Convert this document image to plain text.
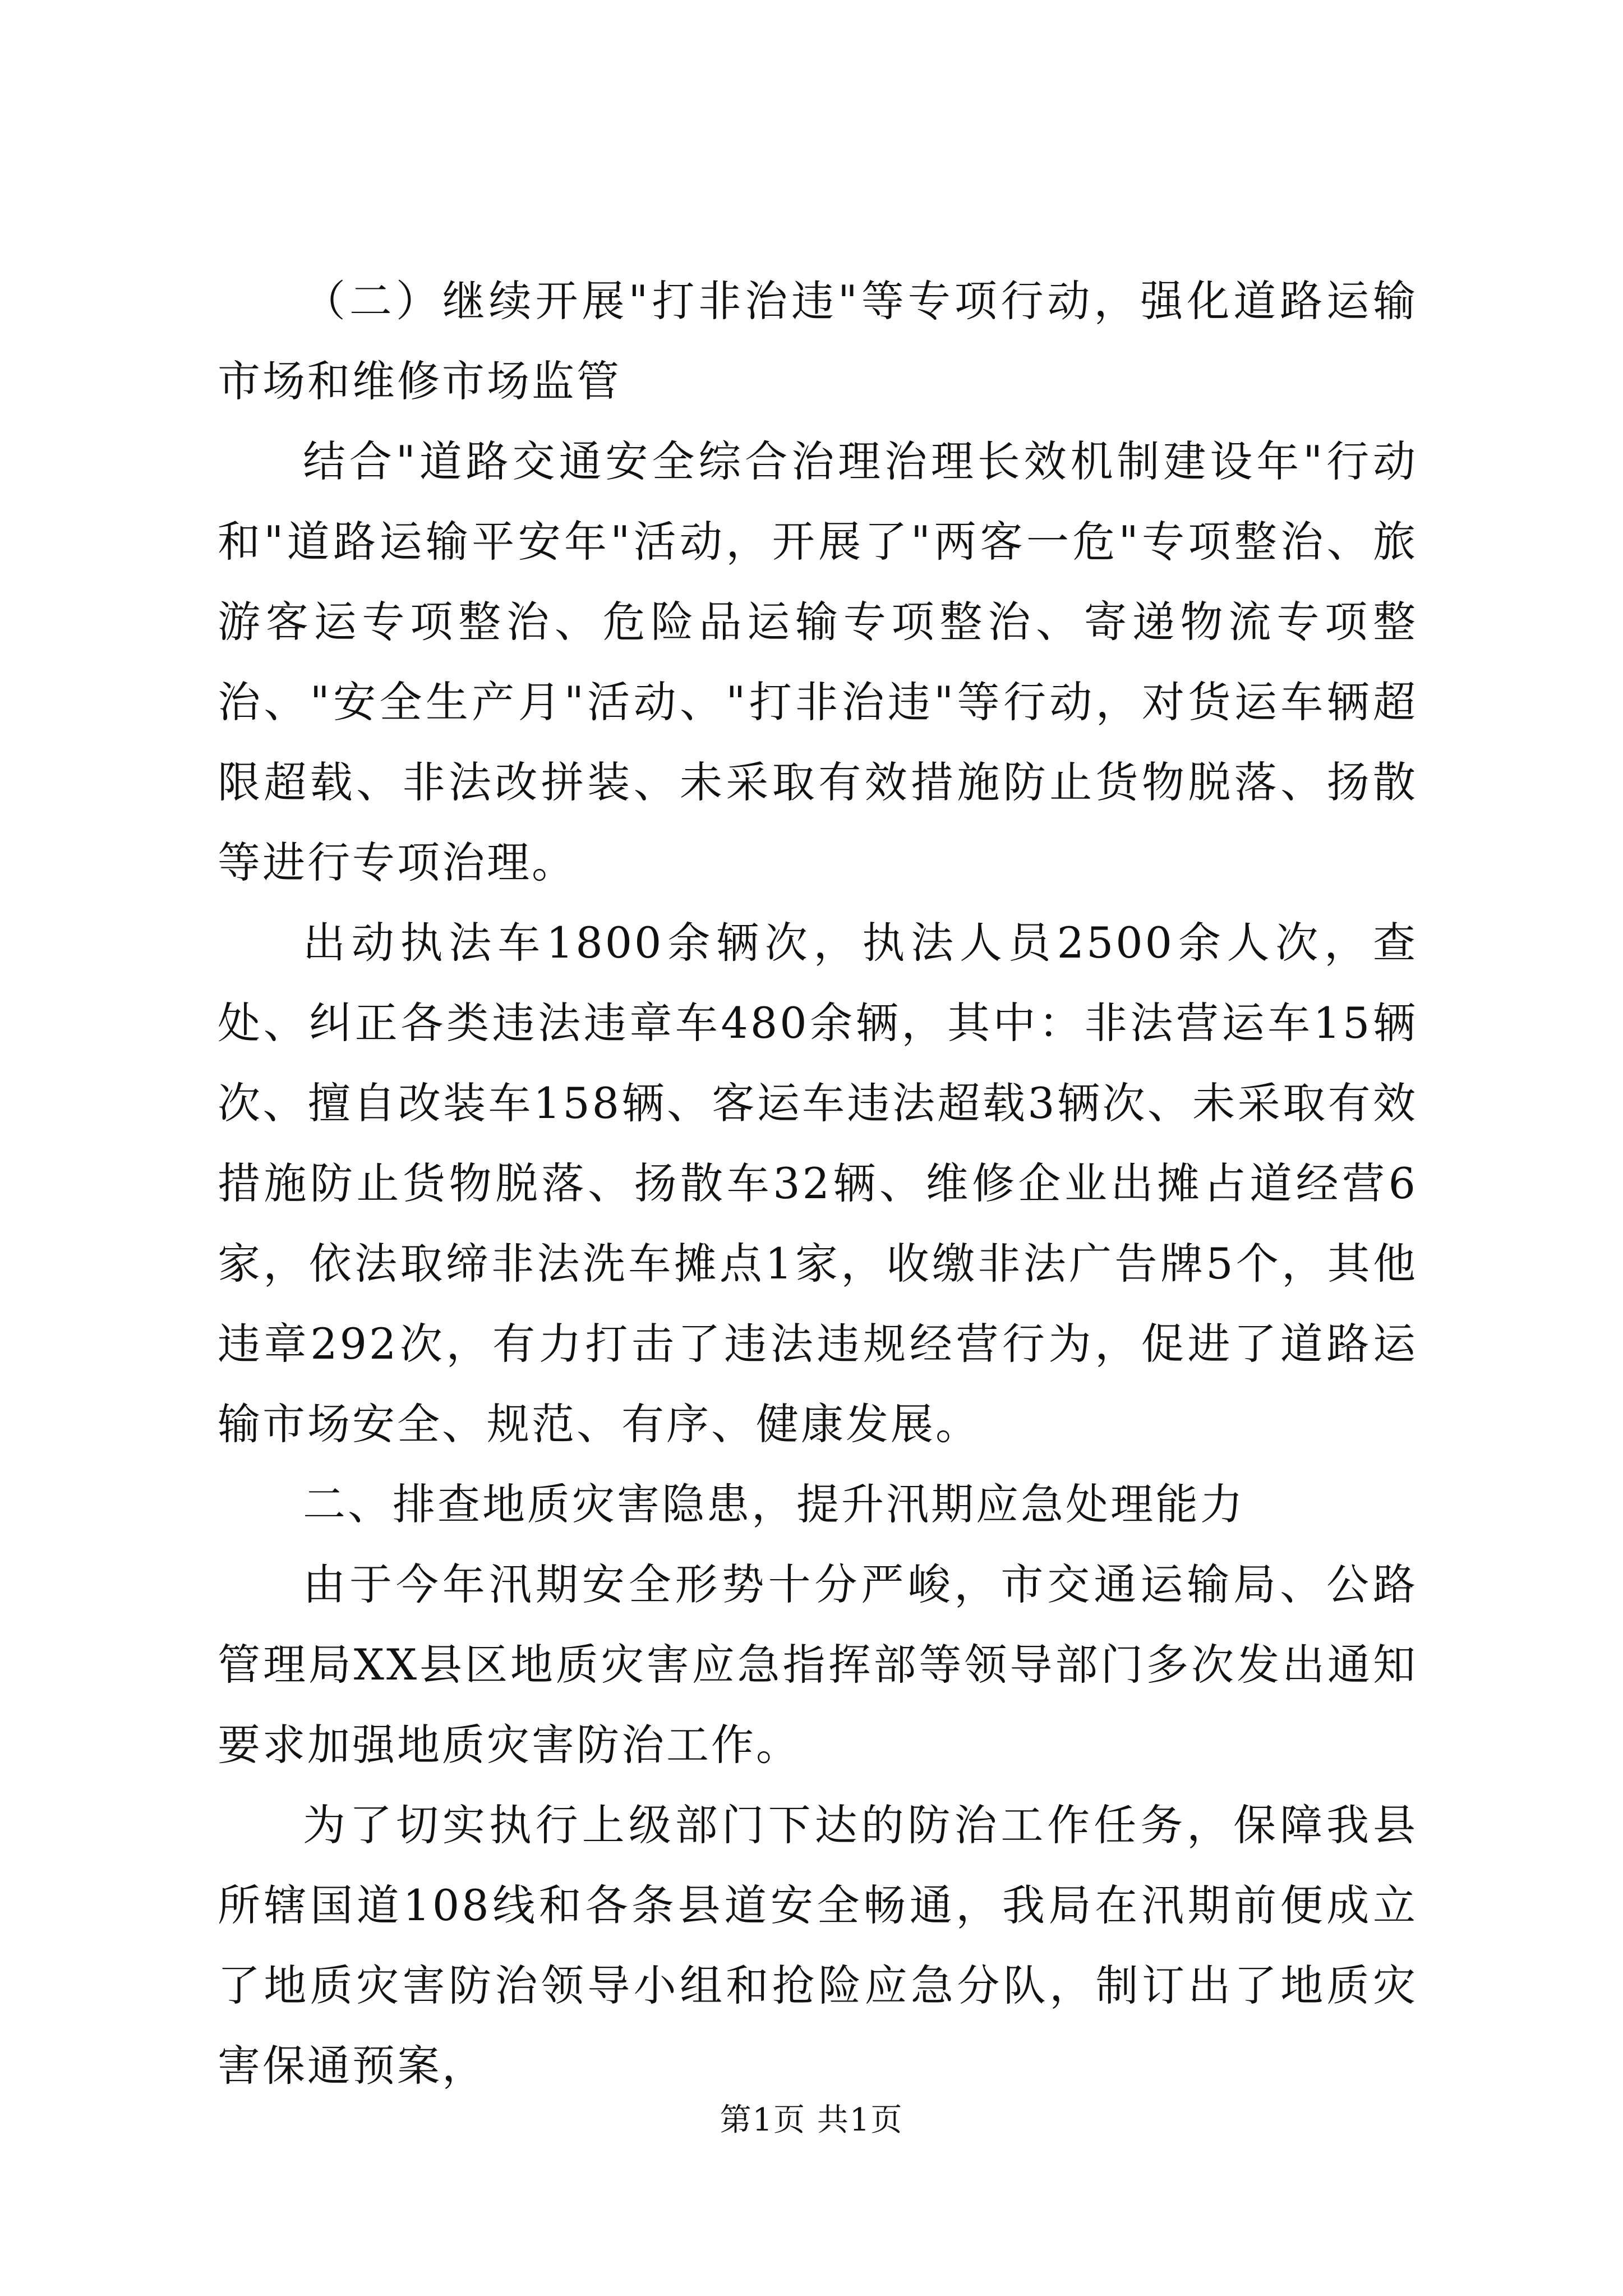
（二）继续开展"打非治违"等专项行动，强化道路运输市场和维修市场监管

结合"道路交通安全综合治理治理长效机制建设年"行动和"道路运输平安年"活动，开展了"两客一危"专项整治、旅游客运专项整治、危险品运输专项整治、寄递物流专项整治、"安全生产月"活动、"打非治违"等行动，对货运车辆超限超载、非法改拼装、未采取有效措施防止货物脱落、扬散等进行专项治理。

出动执法车1800余辆次，执法人员2500余人次，查处、纠正各类违法违章车480余辆，其中：非法营运车15辆次、擅自改装车158辆、客运车违法超载3辆次、未采取有效措施防止货物脱落、扬散车32辆、维修企业出摊占道经营6家，依法取缔非法洗车摊点1家，收缴非法广告牌5个，其他违章292次，有力打击了违法违规经营行为，促进了道路运输市场安全、规范、有序、健康发展。

二、排查地质灾害隐患，提升汛期应急处理能力

由于今年汛期安全形势十分严峻，市交通运输局、公路管理局XX县区地质灾害应急指挥部等领导部门多次发出通知要求加强地质灾害防治工作。

为了切实执行上级部门下达的防治工作任务，保障我县所辖国道108线和各条县道安全畅通，我局在汛期前便成立了地质灾害防治领导小组和抢险应急分队，制订出了地质灾害保通预案，

第1页 共1页
